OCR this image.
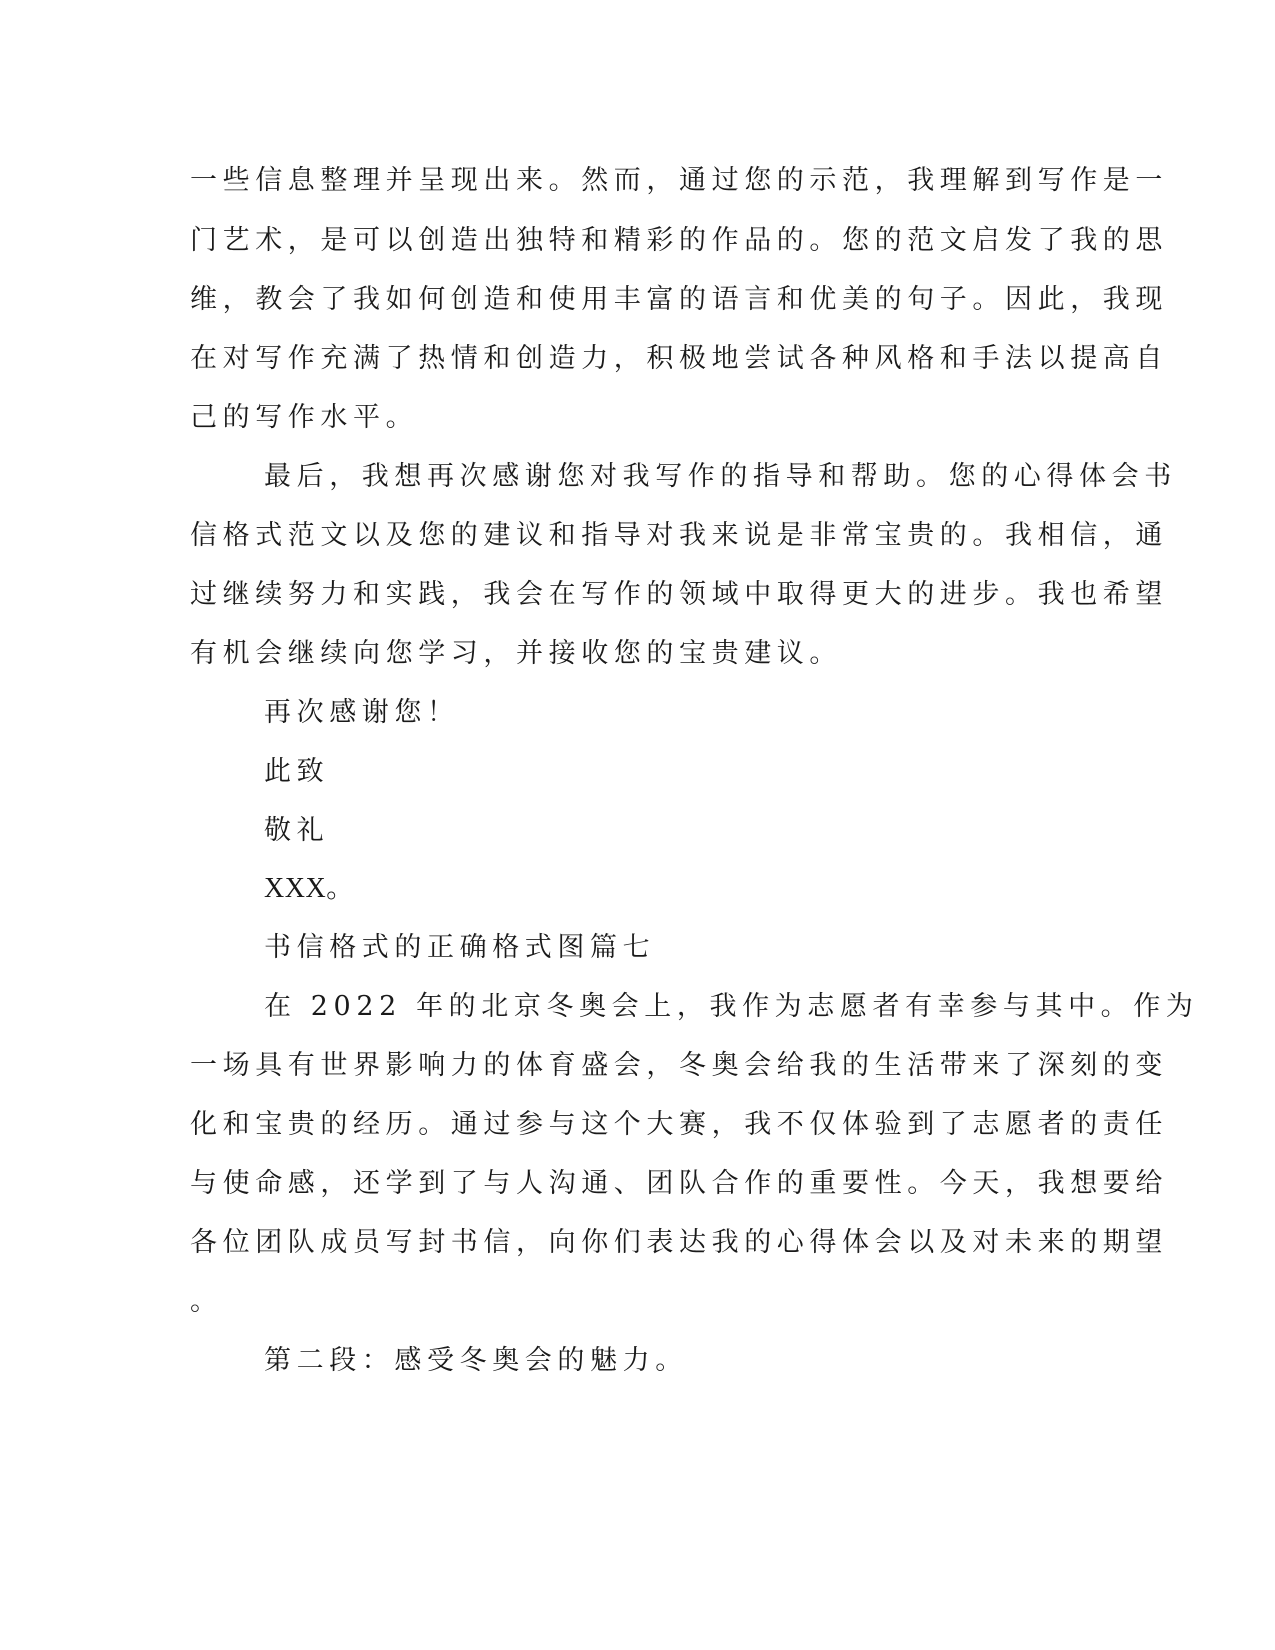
一些信息整理并呈现出来。然而，通过您的示范，我理解到写作是一
门艺术，是可以创造出独特和精彩的作品的。您的范文启发了我的思
维，教会了我如何创造和使用丰富的语言和优美的句子。因此，我现
在对写作充满了热情和创造力，积极地尝试各种风格和手法以提高自
己的写作水平。
最后，我想再次感谢您对我写作的指导和帮助。您的心得体会书
信格式范文以及您的建议和指导对我来说是非常宝贵的。我相信，通
过继续努力和实践，我会在写作的领域中取得更大的进步。我也希望
有机会继续向您学习，并接收您的宝贵建议。
再次感谢您！
此致
敬礼
XXX。
书信格式的正确格式图篇七
在 2022 年的北京冬奥会上，我作为志愿者有幸参与其中。作为
一场具有世界影响力的体育盛会，冬奥会给我的生活带来了深刻的变
化和宝贵的经历。通过参与这个大赛，我不仅体验到了志愿者的责任
与使命感，还学到了与人沟通、团队合作的重要性。今天，我想要给
各位团队成员写封书信，向你们表达我的心得体会以及对未来的期望
。
第二段：感受冬奥会的魅力。
